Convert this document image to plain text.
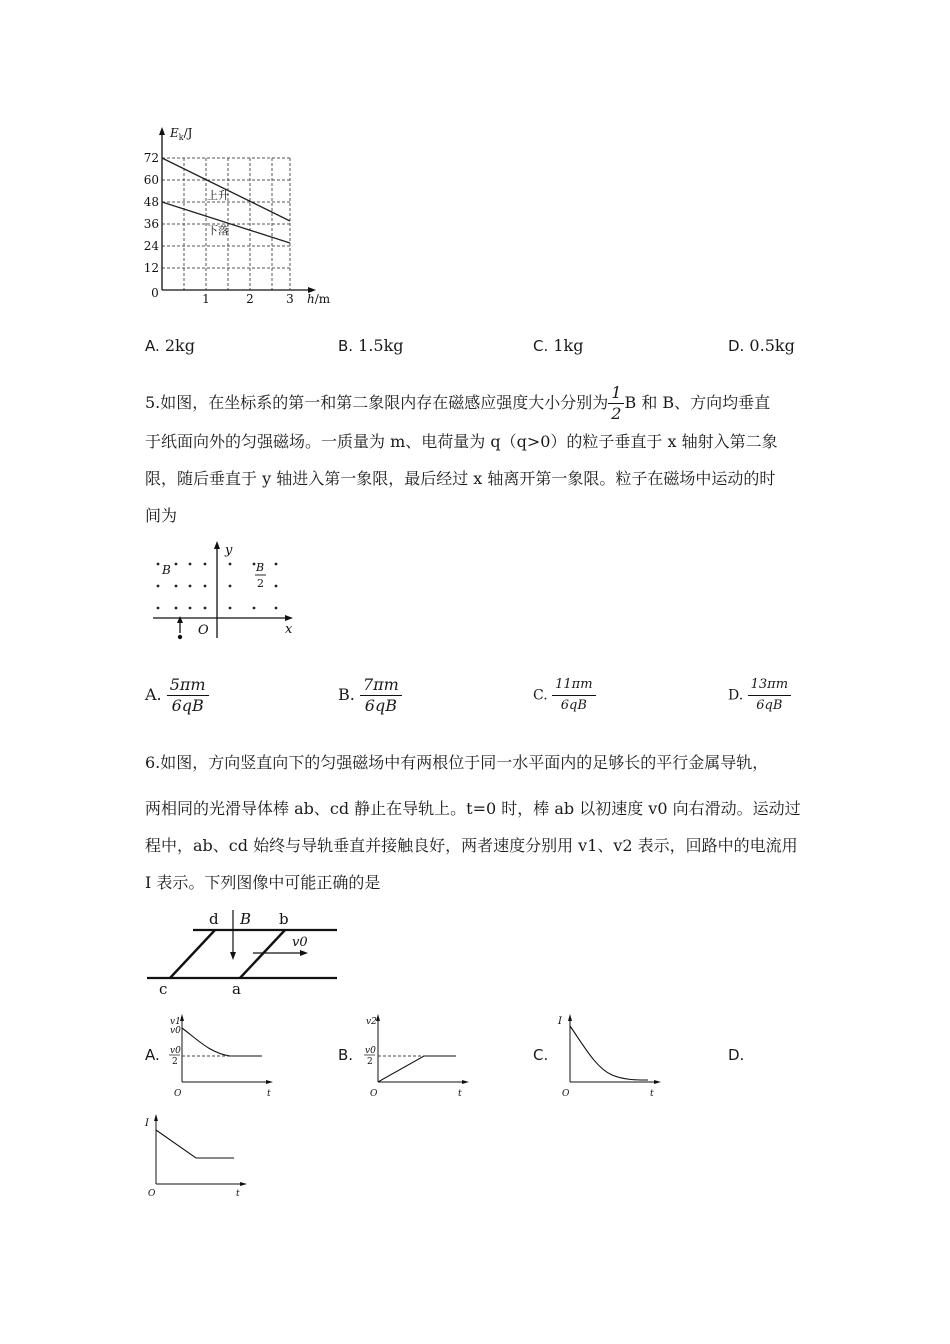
72
60
48
36
24
12
0	1	2	3
$E_k/J$
h/m
上升
下落
A. 2kg	B. 1.5kg	C. 1kg	D. 0.5kg
5.如图，在坐标系的第一和第二象限内存在磁感应强度大小分别为 $\frac{1}{2}$ B 和 B、方向均垂直
于纸面向外的匀强磁场。一质量为 m、电荷量为 q（q>0）的粒子垂直于 x 轴射入第二象
限，随后垂直于 y 轴进入第一象限，最后经过 x 轴离开第一象限。粒子在磁场中运动的时
间为
B	B
2
y
x
O
A. $\frac{5\pi m}{6qB}$	B. $\frac{7\pi m}{6qB}$	C. $\frac{11\pi m}{6qB}$	D. $\frac{13\pi m}{6qB}$
6.如图，方向竖直向下的匀强磁场中有两根位于同一水平面内的足够长的平行金属导轨，
两相同的光滑导体棒 ab、cd 静止在导轨上。t=0 时，棒 ab 以初速度 v0 向右滑动。运动过
程中，ab、cd 始终与导轨垂直并接触良好，两者速度分别用 v1、v2 表示，回路中的电流用
I 表示。下列图像中可能正确的是
d B b
c	a
v0
A.	B.	C.	D.
v1
v0
v0
2
O	t
v2
v0
2
O	t
I
O	t
I
O	t
